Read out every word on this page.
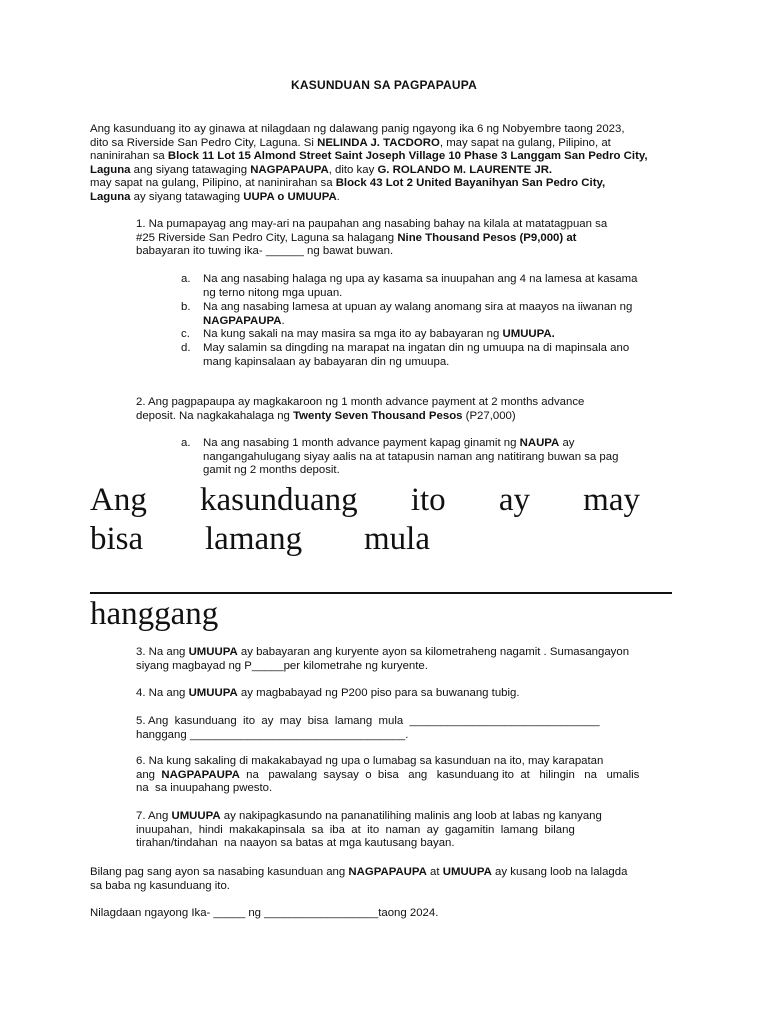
KASUNDUAN SA PAGPAPAUPA
Ang kasunduang ito ay ginawa at nilagdaan ng dalawang panig ngayong ika 6 ng Nobyembre taong 2023,
dito sa Riverside San Pedro City, Laguna. Si NELINDA J. TACDORO, may sapat na gulang, Pilipino, at
naninirahan sa Block 11 Lot 15 Almond Street Saint Joseph Village 10 Phase 3 Langgam San Pedro City,
Laguna ang siyang tatawaging NAGPAPAUPA, dito kay G. ROLANDO M. LAURENTE JR.
may sapat na gulang, Pilipino, at naninirahan sa Block 43 Lot 2 United Bayanihyan San Pedro City,
Laguna ay siyang tatawaging UUPA o UMUUPA.
1. Na pumapayag ang may-ari na paupahan ang nasabing bahay na kilala at matatagpuan sa
#25 Riverside San Pedro City, Laguna sa halagang Nine Thousand Pesos (P9,000) at
babayaran ito tuwing ika- ______ ng bawat buwan.
a.	Na ang nasabing halaga ng upa ay kasama sa inuupahan ang 4 na lamesa at kasama
ng terno nitong mga upuan.
b.	Na ang nasabing lamesa at upuan ay walang anomang sira at maayos na iiwanan ng
NAGPAPAUPA.
c.	Na kung sakali na may masira sa mga ito ay babayaran ng UMUUPA.
d.	May salamin sa dingding na marapat na ingatan din ng umuupa na di mapinsala ano
mang kapinsalaan ay babayaran din ng umuupa.
2. Ang pagpapaupa ay magkakaroon ng 1 month advance payment at 2 months advance
deposit. Na nagkakahalaga ng Twenty Seven Thousand Pesos (P27,000)
a.	Na ang nasabing 1 month advance payment kapag ginamit ng NAUPA ay
nangangahulugang siyay aalis na at tatapusin naman ang natitirang buwan sa pag
gamit ng 2 months deposit.
Ang kasunduang ito ay may
bisa lamang mula
hanggang
3. Na ang UMUUPA ay babayaran ang kuryente ayon sa kilometraheng nagamit . Sumasangayon
siyang magbayad ng P_____per kilometrahe ng kuryente.
4. Na ang UMUUPA ay magbabayad ng P200 piso para sa buwanang tubig.
5. Ang  kasunduang  ito  ay  may  bisa  lamang  mula  ______________________________
hanggang __________________________________.
6. Na kung sakaling di makakabayad ng upa o lumabag sa kasunduan na ito, may karapatan
ang  NAGPAPAUPA  na   pawalang  saysay  o  bisa   ang   kasunduang ito  at   hilingin   na   umalis
na  sa inuupahang pwesto.
7. Ang UMUUPA ay nakipagkasundo na pananatilihing malinis ang loob at labas ng kanyang
inuupahan,  hindi  makakapinsala  sa  iba  at  ito  naman  ay  gagamitin  lamang  bilang
tirahan/tindahan  na naayon sa batas at mga kautusang bayan.
Bilang pag sang ayon sa nasabing kasunduan ang NAGPAPAUPA at UMUUPA ay kusang loob na lalagda
sa baba ng kasunduang ito.
Nilagdaan ngayong Ika- _____ ng __________________taong 2024.
